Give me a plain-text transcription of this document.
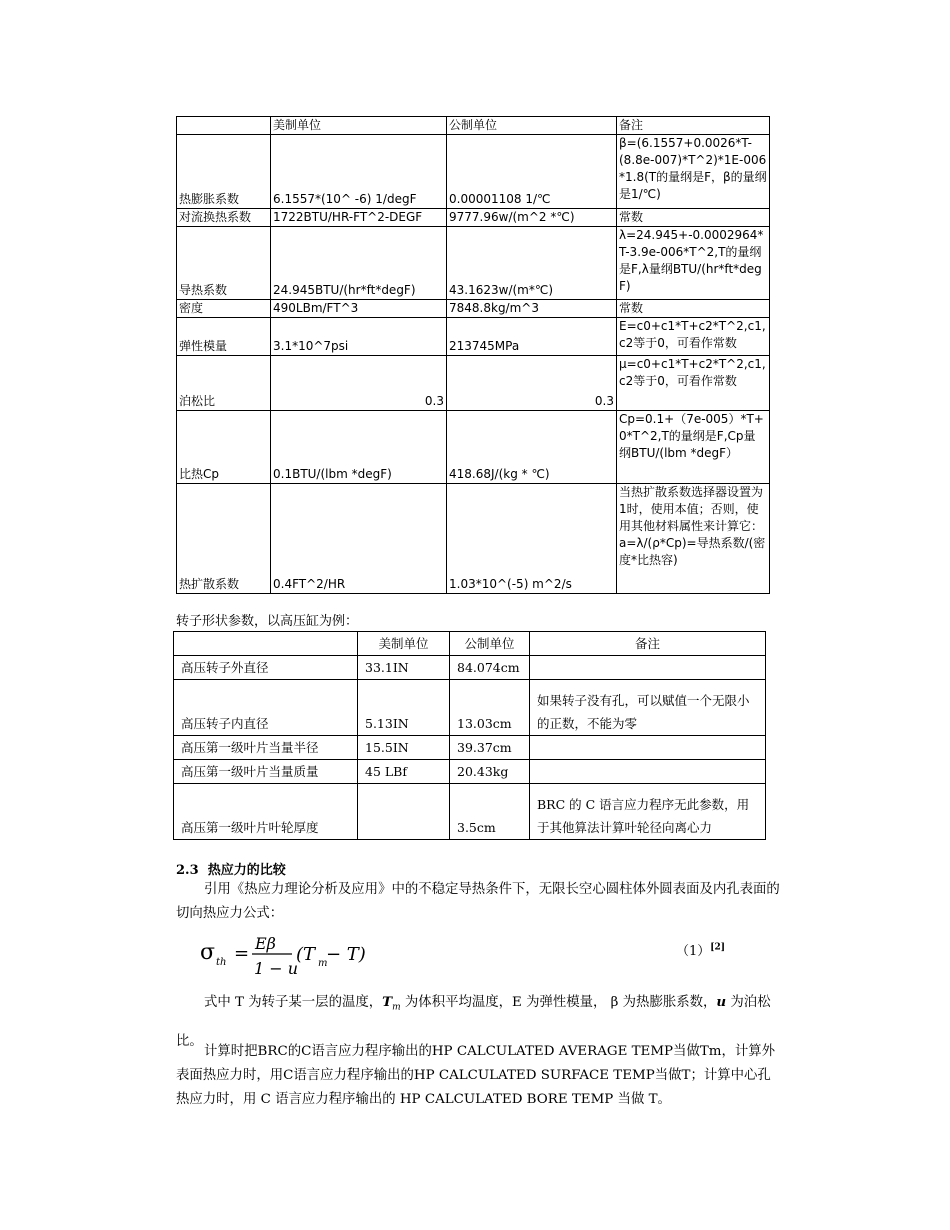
	美制单位	公制单位	备注
热膨胀系数	6.1557*(10^ -6) 1/degF	0.00001108 1/℃	β=(6.1557+0.0026*T-(8.8e-007)*T^2)*1E-006*1.8(T的量纲是F，β的量纲是1/℃)
对流换热系数	1722BTU/HR-FT^2-DEGF	9777.96w/(m^2 *℃)	常数
导热系数	24.945BTU/(hr*ft*degF)	43.1623w/(m*℃)	λ=24.945+-0.0002964*T-3.9e-006*T^2,T的量纲是F,λ量纲BTU/(hr*ft*degF)
密度	490LBm/FT^3	7848.8kg/m^3	常数
弹性模量	3.1*10^7psi	213745MPa	E=c0+c1*T+c2*T^2,c1,c2等于0，可看作常数
泊松比	0.3	0.3	μ=c0+c1*T+c2*T^2,c1,c2等于0，可看作常数
比热Cp	0.1BTU/(lbm *degF)	418.68J/(kg * ℃)	Cp=0.1+（7e-005）*T+0*T^2,T的量纲是F,Cp量纲BTU/(lbm *degF）
热扩散系数	0.4FT^2/HR	1.03*10^(-5) m^2/s	当热扩散系数选择器设置为1时，使用本值；否则，使用其他材料属性来计算它：a=λ/(ρ*Cp)=导热系数/(密度*比热容)
转子形状参数，以高压缸为例：
	美制单位	公制单位	备注
高压转子外直径	33.1IN	84.074cm	
高压转子内直径	5.13IN	13.03cm	如果转子没有孔，可以赋值一个无限小的正数，不能为零
高压第一级叶片当量半径	15.5IN	39.37cm	
高压第一级叶片当量质量	45 LBf	20.43kg	
高压第一级叶片叶轮厚度		3.5cm	BRC 的 C 语言应力程序无此参数，用于其他算法计算叶轮径向离心力
2.3 热应力的比较
引用《热应力理论分析及应用》中的不稳定导热条件下，无限长空心圆柱体外圆表面及内孔表面的切向热应力公式：
σ th = Eβ
1 − u
(T m
− T)	（1）[2]
式中 T 为转子某一层的温度，$T_m$ 为体积平均温度，E 为弹性模量， β 为热膨胀系数，u 为泊松比。
计算时把BRC的C语言应力程序输出的HP CALCULATED AVERAGE TEMP当做Tm，计算外表面热应力时，用C语言应力程序输出的HP CALCULATED SURFACE TEMP当做T；计算中心孔热应力时，用 C 语言应力程序输出的 HP CALCULATED BORE TEMP 当做 T。
